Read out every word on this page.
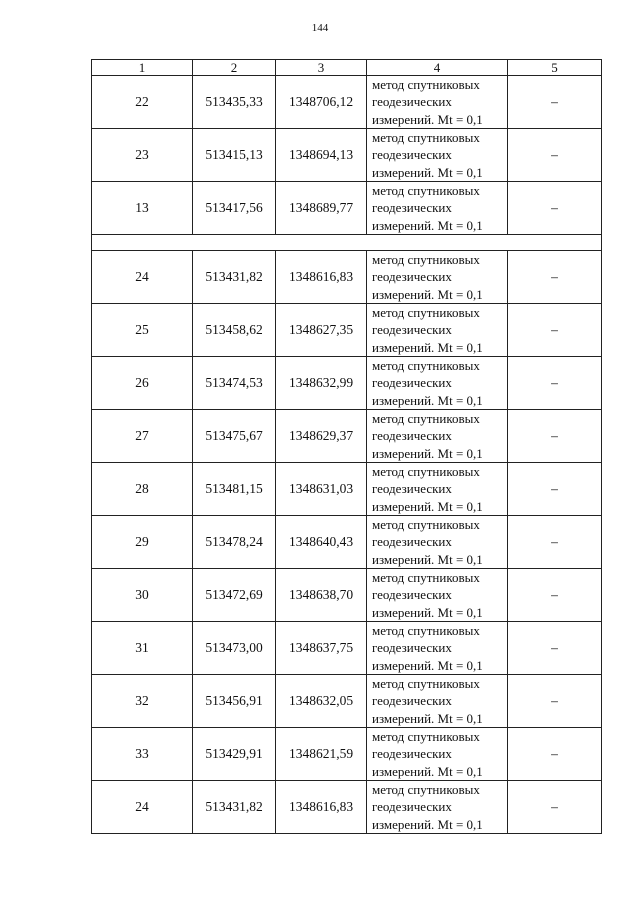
144
1	2	3	4	5
22	513435,33	1348706,12	метод спутниковых
геодезических
измерений. Mt = 0,1	–
23	513415,13	1348694,13	метод спутниковых
геодезических
измерений. Mt = 0,1	–
13	513417,56	1348689,77	метод спутниковых
геодезических
измерений. Mt = 0,1	–

24	513431,82	1348616,83	метод спутниковых
геодезических
измерений. Mt = 0,1	–
25	513458,62	1348627,35	метод спутниковых
геодезических
измерений. Mt = 0,1	–
26	513474,53	1348632,99	метод спутниковых
геодезических
измерений. Mt = 0,1	–
27	513475,67	1348629,37	метод спутниковых
геодезических
измерений. Mt = 0,1	–
28	513481,15	1348631,03	метод спутниковых
геодезических
измерений. Mt = 0,1	–
29	513478,24	1348640,43	метод спутниковых
геодезических
измерений. Mt = 0,1	–
30	513472,69	1348638,70	метод спутниковых
геодезических
измерений. Mt = 0,1	–
31	513473,00	1348637,75	метод спутниковых
геодезических
измерений. Mt = 0,1	–
32	513456,91	1348632,05	метод спутниковых
геодезических
измерений. Mt = 0,1	–
33	513429,91	1348621,59	метод спутниковых
геодезических
измерений. Mt = 0,1	–
24	513431,82	1348616,83	метод спутниковых
геодезических
измерений. Mt = 0,1	–
